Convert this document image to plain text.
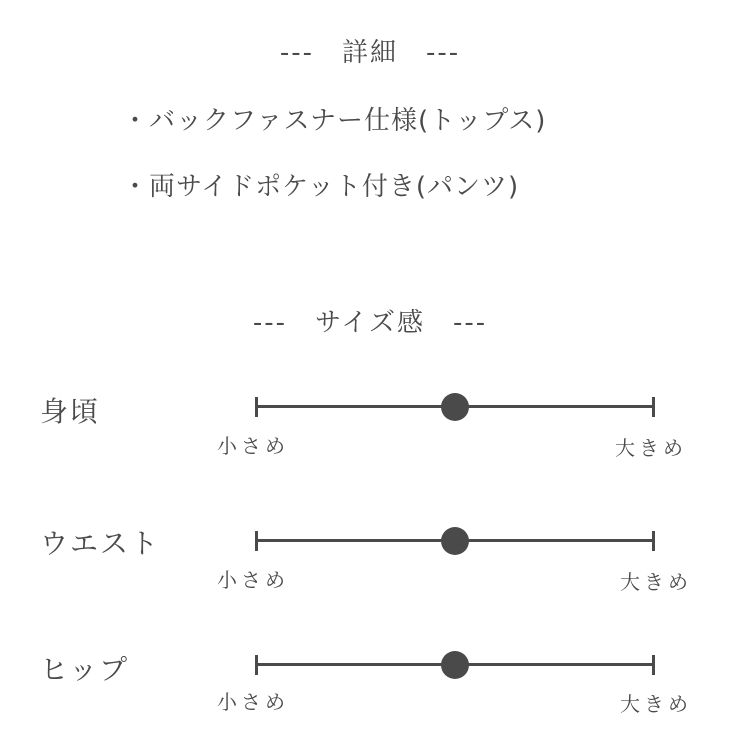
---　詳細　---
・バックファスナー仕様(トップス)
・両サイドポケット付き(パンツ)
---　サイズ感　---
身頃
小さめ	大きめ
ウエスト
小さめ	大きめ
ヒップ
小さめ	大きめ
